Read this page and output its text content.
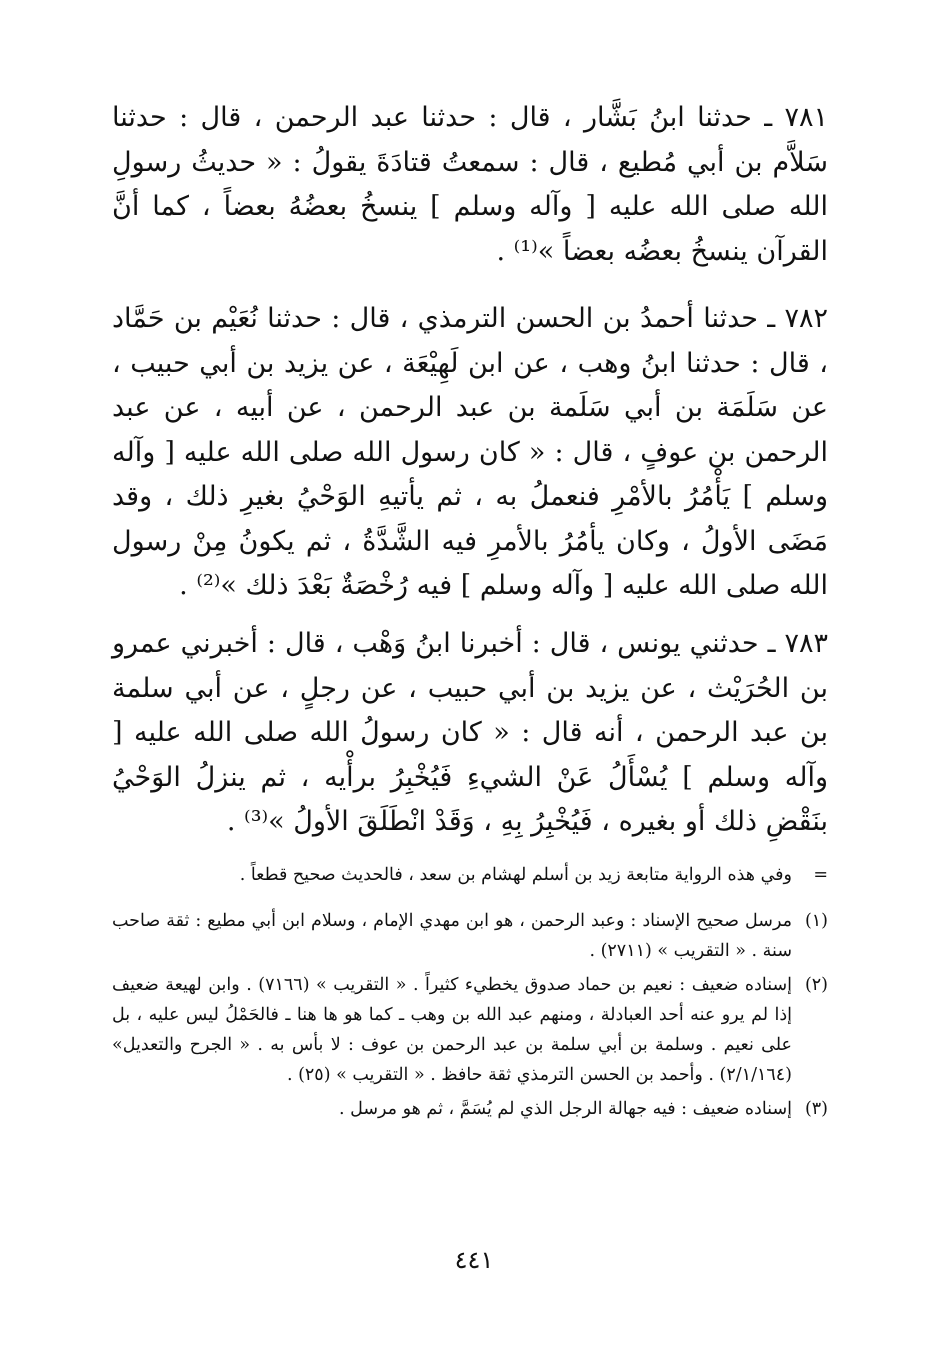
٧٨١ ـ حدثنا ابنُ بَشَّار ، قال : حدثنا عبد الرحمن ، قال : حدثنا سَلاَّم بن أبي مُطيع ، قال : سمعتُ قتادَةَ يقولُ : « حديثُ رسولِ الله صلى الله عليه [ وآله وسلم ] ينسخُ بعضُهُ بعضاً ، كما أنَّ القرآن ينسخُ بعضُه بعضاً »⁽¹⁾ .

٧٨٢ ـ حدثنا أحمدُ بن الحسن الترمذي ، قال : حدثنا نُعَيْم بن حَمَّاد ، قال : حدثنا ابنُ وهب ، عن ابن لَهِيْعَة ، عن يزيد بن أبي حبيب ، عن سَلَمَة بن أبي سَلَمة بن عبد الرحمن ، عن أبيه ، عن عبد الرحمن بن عوفٍ ، قال : « كان رسول الله صلى الله عليه [ وآله وسلم ] يَأْمُرُ بالأمْرِ فنعملُ به ، ثم يأتيهِ الوَحْيُ بغيرِ ذلك ، وقد مَضَى الأولُ ، وكان يأمُرُ بالأمرِ فيه الشَّدَّةُ ، ثم يكونُ مِنْ رسول الله صلى الله عليه [ وآله وسلم ] فيه رُخْصَةٌ بَعْدَ ذلك »⁽²⁾ .

٧٨٣ ـ حدثني يونس ، قال : أخبرنا ابنُ وَهْب ، قال : أخبرني عمرو بن الحُرَيْث ، عن يزيد بن أبي حبيب ، عن رجلٍ ، عن أبي سلمة بن عبد الرحمن ، أنه قال : « كان رسولُ الله صلى الله عليه [ وآله وسلم ] يُسْأَلُ عَنْ الشيءِ فَيُخْبِرُ برأْيه ، ثم ينزلُ الوَحْيُ بنَقْضِ ذلك أو بغيره ، فَيُخْبِرُ بِهِ ، وَقَدْ انْطَلَقَ الأولُ »⁽³⁾ .

=
وفي هذه الرواية متابعة زيد بن أسلم لهشام بن سعد ، فالحديث صحيح قطعاً .
(١)
مرسل صحيح الإسناد : وعبد الرحمن ، هو ابن مهدي الإمام ، وسلام ابن أبي مطيع : ثقة صاحب سنة . « التقريب » (٢٧١١) .
(٢)
إسناده ضعيف : نعيم بن حماد صدوق يخطيء كثيراً . « التقريب » (٧١٦٦) . وابن لهيعة ضعيف إذا لم يرو عنه أحد العبادلة ، ومنهم عبد الله بن وهب ـ كما هو ها هنا ـ فالحَمْلُ ليس عليه ، بل على نعيم . وسلمة بن أبي سلمة بن عبد الرحمن بن عوف : لا بأس به . « الجرح والتعديل» (٢/١/١٦٤) . وأحمد بن الحسن الترمذي ثقة حافظ . « التقريب » (٢٥) .
(٣)
إسناده ضعيف : فيه جهالة الرجل الذي لم يُسَمَّ ، ثم هو مرسل .
٤٤١
